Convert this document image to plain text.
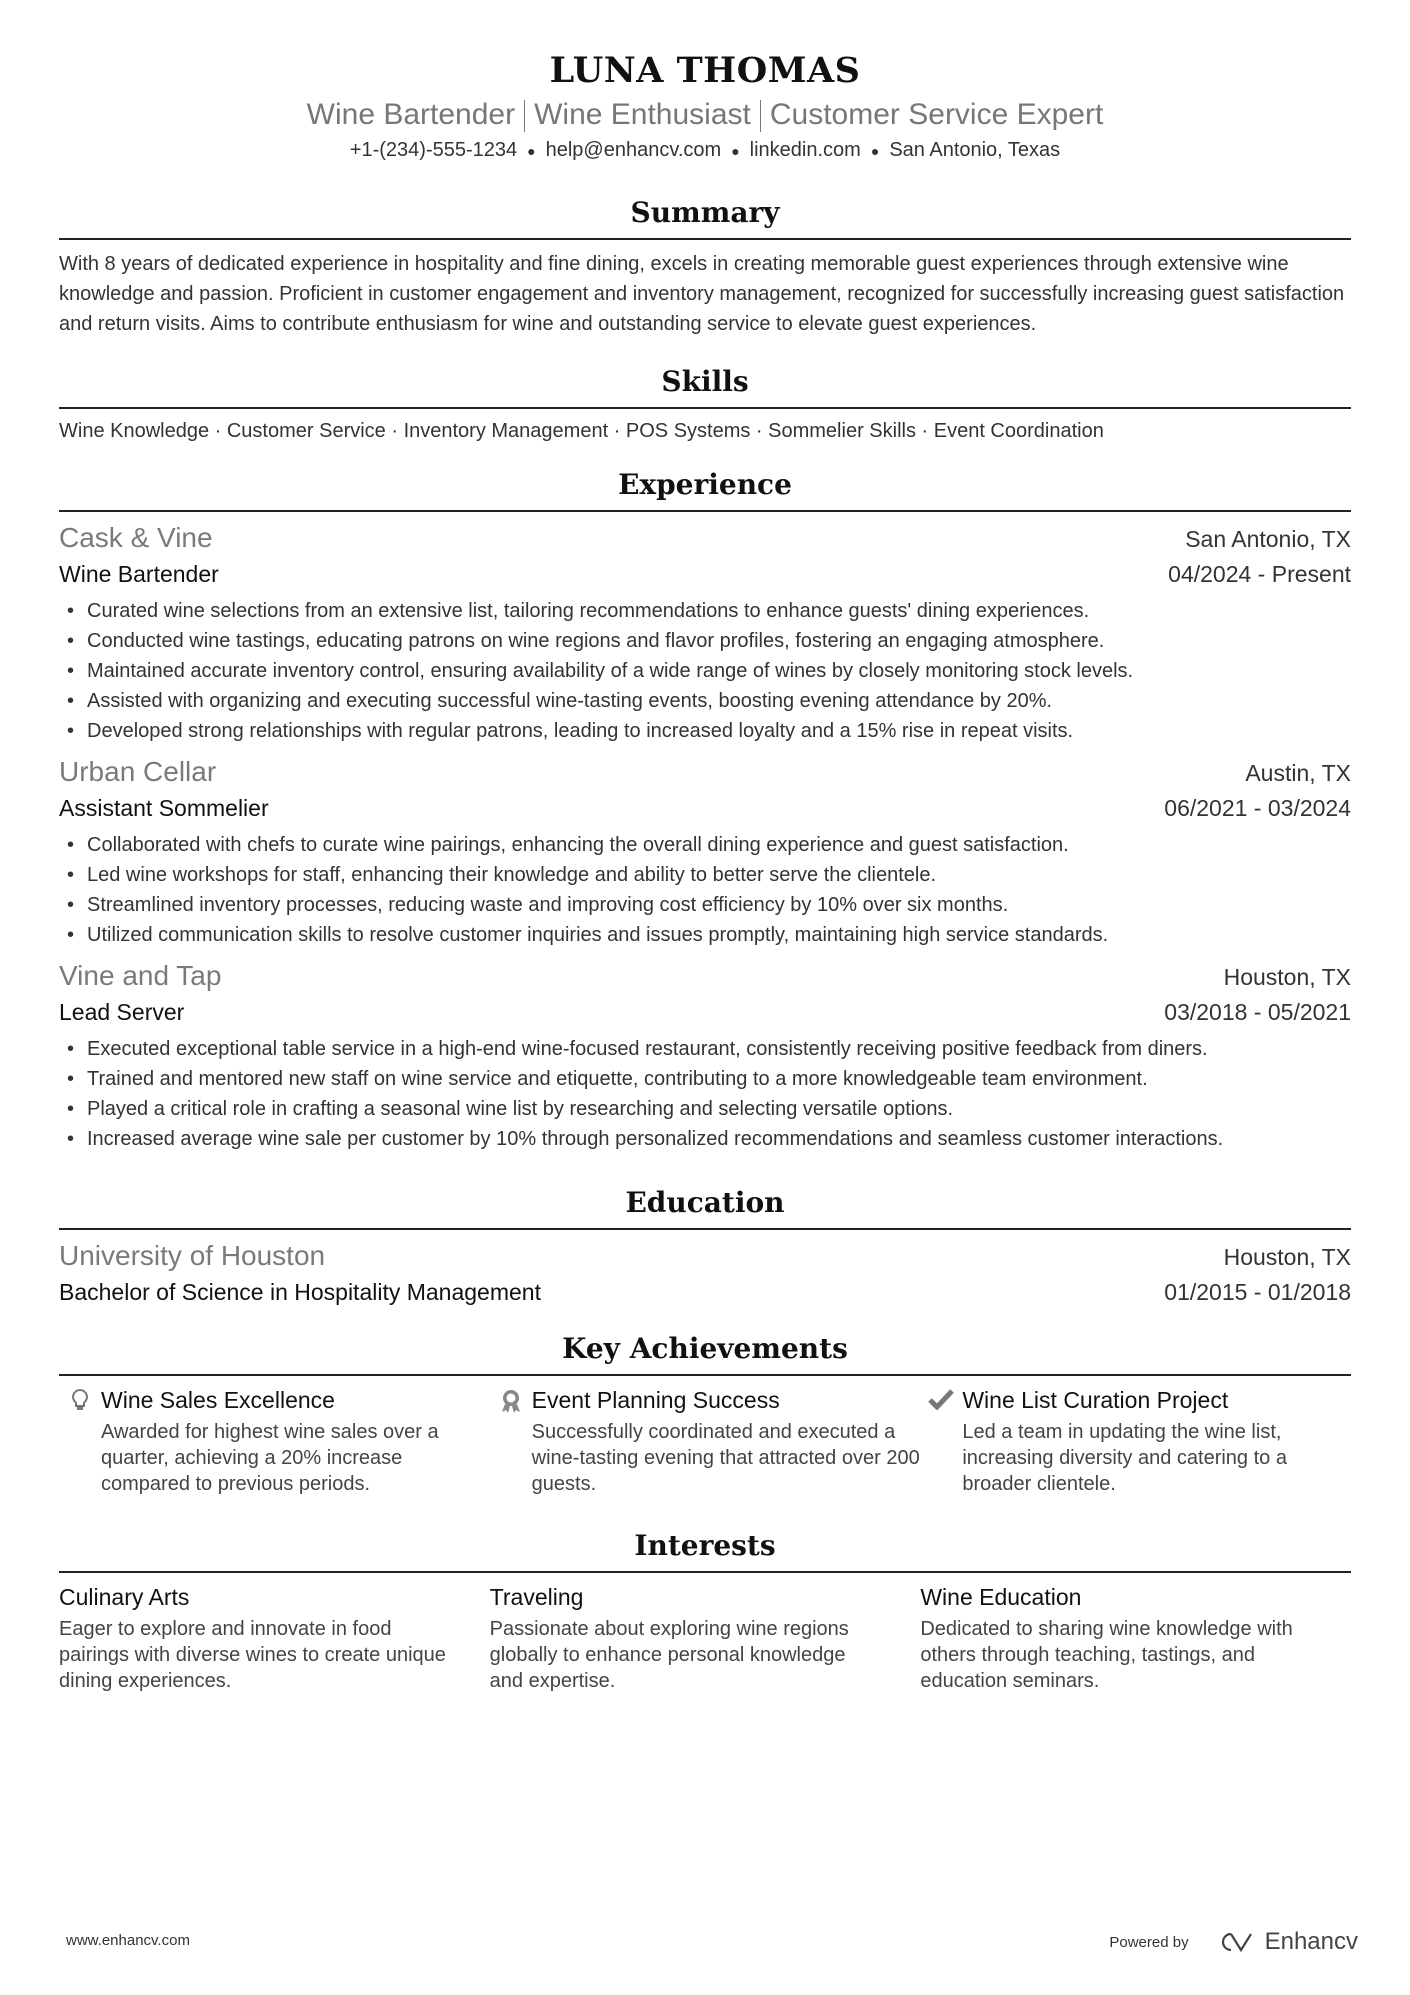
LUNA THOMAS
Wine Bartender Wine Enthusiast Customer Service Expert
+1-(234)-555-1234 ● help@enhancv.com ● linkedin.com ● San Antonio, Texas
Summary
With 8 years of dedicated experience in hospitality and fine dining, excels in creating memorable guest experiences through extensive wine knowledge and passion. Proficient in customer engagement and inventory management, recognized for successfully increasing guest satisfaction and return visits. Aims to contribute enthusiasm for wine and outstanding service to elevate guest experiences.
Skills
Wine Knowledge · Customer Service · Inventory Management · POS Systems · Sommelier Skills · Event Coordination
Experience
Cask & Vine	San Antonio, TX
Wine Bartender	04/2024 - Present
• Curated wine selections from an extensive list, tailoring recommendations to enhance guests' dining experiences.
• Conducted wine tastings, educating patrons on wine regions and flavor profiles, fostering an engaging atmosphere.
• Maintained accurate inventory control, ensuring availability of a wide range of wines by closely monitoring stock levels.
• Assisted with organizing and executing successful wine-tasting events, boosting evening attendance by 20%.
• Developed strong relationships with regular patrons, leading to increased loyalty and a 15% rise in repeat visits.
Urban Cellar	Austin, TX
Assistant Sommelier	06/2021 - 03/2024
• Collaborated with chefs to curate wine pairings, enhancing the overall dining experience and guest satisfaction.
• Led wine workshops for staff, enhancing their knowledge and ability to better serve the clientele.
• Streamlined inventory processes, reducing waste and improving cost efficiency by 10% over six months.
• Utilized communication skills to resolve customer inquiries and issues promptly, maintaining high service standards.
Vine and Tap	Houston, TX
Lead Server	03/2018 - 05/2021
• Executed exceptional table service in a high-end wine-focused restaurant, consistently receiving positive feedback from diners.
• Trained and mentored new staff on wine service and etiquette, contributing to a more knowledgeable team environment.
• Played a critical role in crafting a seasonal wine list by researching and selecting versatile options.
• Increased average wine sale per customer by 10% through personalized recommendations and seamless customer interactions.
Education
University of Houston	Houston, TX
Bachelor of Science in Hospitality Management	01/2015 - 01/2018
Key Achievements
Wine Sales Excellence
Awarded for highest wine sales over a quarter, achieving a 20% increase compared to previous periods.
Event Planning Success
Successfully coordinated and executed a wine-tasting evening that attracted over 200 guests.
Wine List Curation Project
Led a team in updating the wine list, increasing diversity and catering to a broader clientele.
Interests
Culinary Arts
Eager to explore and innovate in food pairings with diverse wines to create unique dining experiences.
Traveling
Passionate about exploring wine regions globally to enhance personal knowledge and expertise.
Wine Education
Dedicated to sharing wine knowledge with others through teaching, tastings, and education seminars.
www.enhancv.com	Powered by	Enhancv
